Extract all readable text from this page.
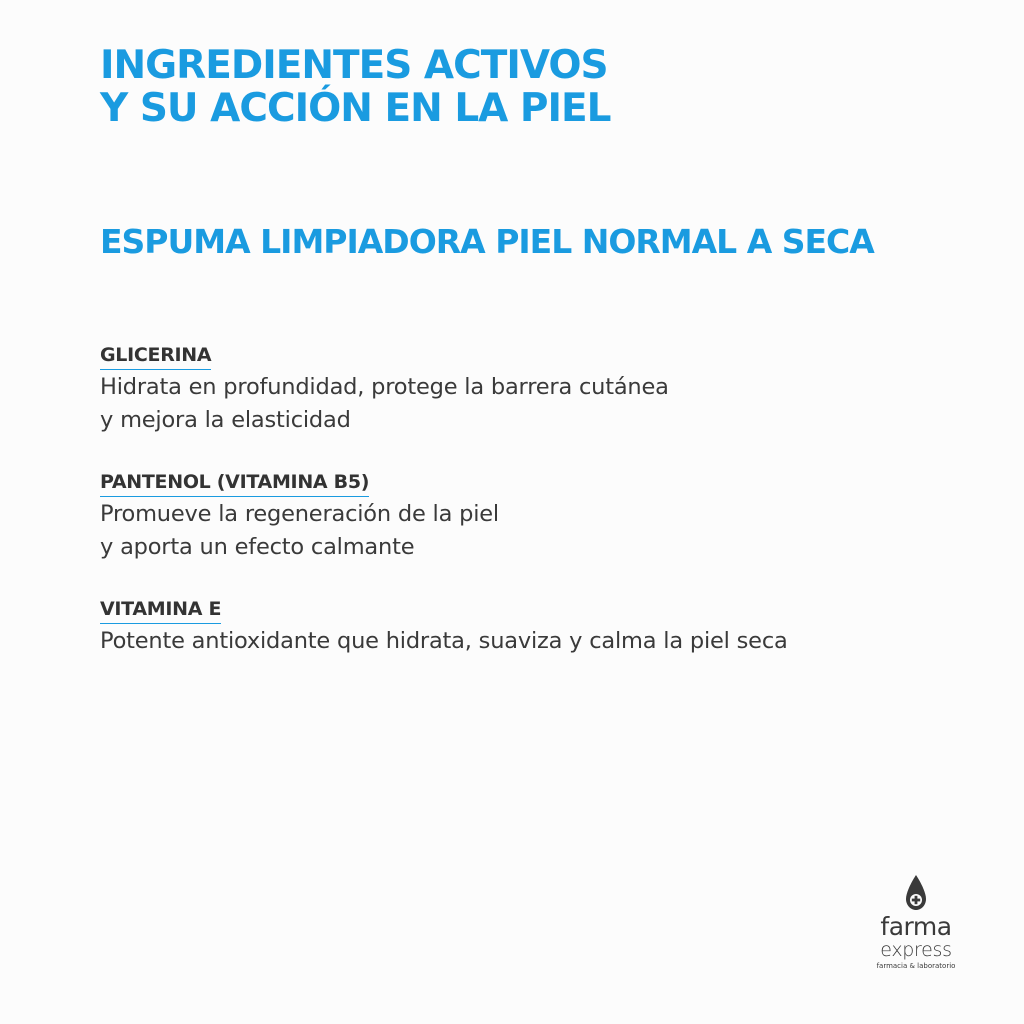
INGREDIENTES ACTIVOS
Y SU ACCIÓN EN LA PIEL
ESPUMA LIMPIADORA PIEL NORMAL A SECA
GLICERINA
Hidrata en profundidad, protege la barrera cutánea
y mejora la elasticidad
PANTENOL (VITAMINA B5)
Promueve la regeneración de la piel
y aporta un efecto calmante
VITAMINA E
Potente antioxidante que hidrata, suaviza y calma la piel seca
farma
express
farmacia & laboratorio
